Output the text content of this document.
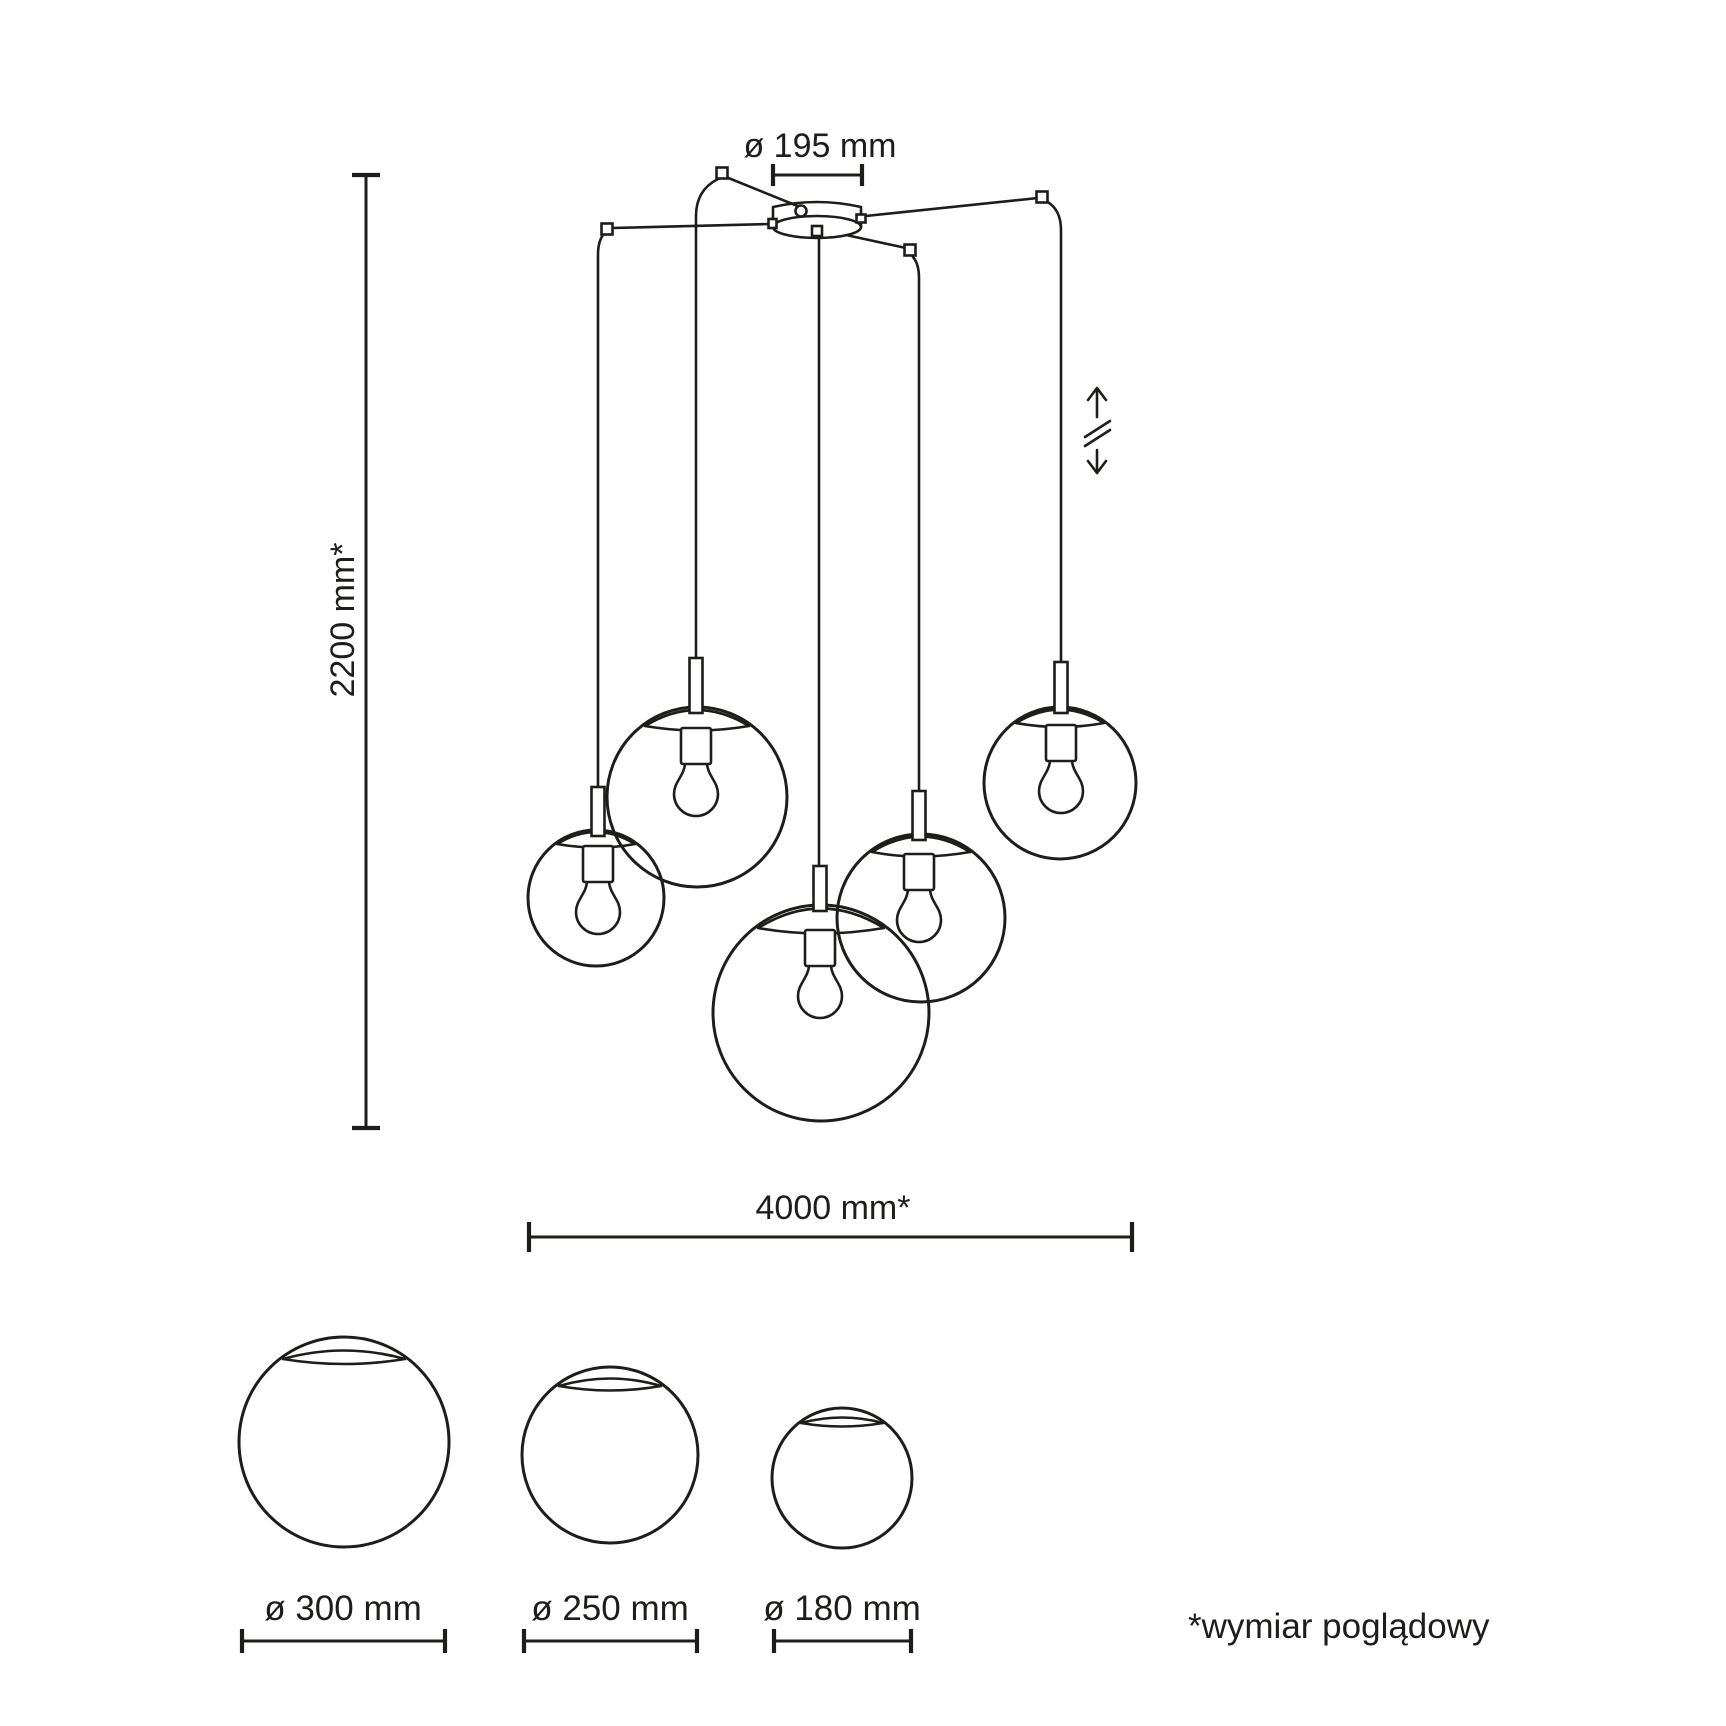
2200 mm*
ø 195 mm
4000 mm*
ø 300 mm	ø 250 mm ø 180 mm	*wymiar poglądowy
